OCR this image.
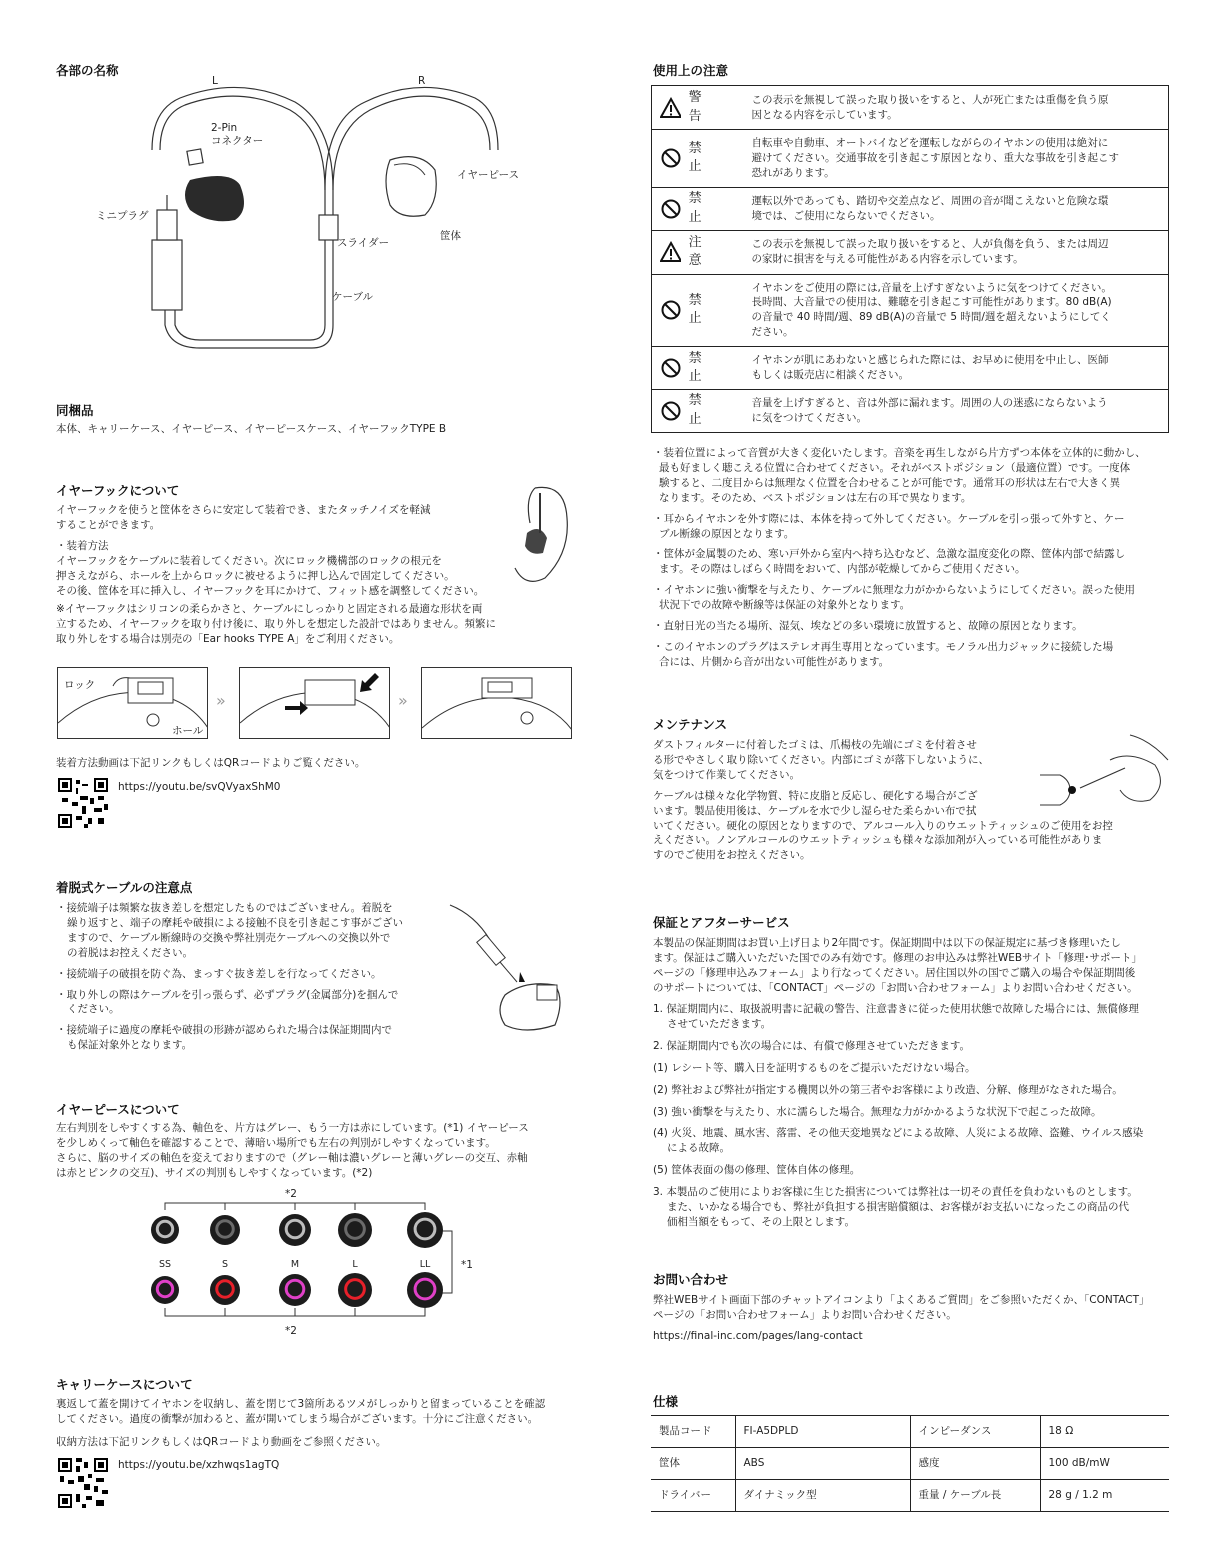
各部の名称
L	R
2-Pin
コネクター
イヤーピース
ミニプラグ
筐体
スライダー
ケーブル
同梱品
本体、キャリーケース、イヤーピース、イヤーピースケース、イヤーフックTYPE B
イヤーフックについて
イヤーフックを使うと筐体をさらに安定して装着でき、またタッチノイズを軽減
することができます。
・装着方法
イヤーフックをケーブルに装着してください。次にロック機構部のロックの根元を
押さえながら、ホールを上からロックに被せるように押し込んで固定してください。
その後、筐体を耳に挿入し、イヤーフックを耳にかけて、フィット感を調整してください。
※イヤーフックはシリコンの柔らかさと、ケーブルにしっかりと固定される最適な形状を両
立するため、イヤーフックを取り付け後に、取り外しを想定した設計ではありません。頻繁に
取り外しをする場合は別売の「Ear hooks TYPE A」をご利用ください。
ロック
ホール
»	»
装着方法動画は下記リンクもしくはQRコードよりご覧ください。
https://youtu.be/svQVyaxShM0
着脱式ケーブルの注意点
・接続端子は頻繁な抜き差しを想定したものではございません。着脱を
繰り返すと、端子の摩耗や破損による接触不良を引き起こす事がござい
ますので、ケーブル断線時の交換や弊社別売ケーブルへの交換以外で
の着脱はお控えください。
・接続端子の破損を防ぐ為、まっすぐ抜き差しを行なってください。
・取り外しの際はケーブルを引っ張らず、必ずプラグ(金属部分)を掴んで
ください。
・接続端子に過度の摩耗や破損の形跡が認められた場合は保証期間内で
も保証対象外となります。
イヤーピースについて
左右判別をしやすくする為、軸色を、片方はグレー、もう一方は赤にしています。(*1) イヤーピース
を少しめくって軸色を確認することで、薄暗い場所でも左右の判別がしやすくなっています。
さらに、脳のサイズの軸色を変えておりますので（グレー軸は濃いグレーと薄いグレーの交互、赤軸
は赤とピンクの交互)、サイズの判別もしやすくなっています。(*2)
*2
SS	S	M	L	LL	*1
*2
キャリーケースについて
裏返して蓋を開けてイヤホンを収納し、蓋を閉じて3箇所あるツメがしっかりと留まっていることを確認
してください。過度の衝撃が加わると、蓋が開いてしまう場合がございます。十分にご注意ください。
収納方法は下記リンクもしくはQRコードより動画をご参照ください。
https://youtu.be/xzhwqs1agTQ
使用上の注意
警告	この表示を無視して誤った取り扱いをすると、人が死亡または重傷を負う原
因となる内容を示しています。

禁止	自転車や自動車、オートバイなどを運転しながらのイヤホンの使用は絶対に
避けてください。交通事故を引き起こす原因となり、重大な事故を引き起こす
恐れがあります。

禁止	運転以外であっても、踏切や交差点など、周囲の音が聞こえないと危険な環
境では、ご使用にならないでください。

注意	この表示を無視して誤った取り扱いをすると、人が負傷を負う、または周辺
の家財に損害を与える可能性がある内容を示しています。

禁止	イヤホンをご使用の際には,音量を上げすぎないように気をつけてください。
長時間、大音量での使用は、難聴を引き起こす可能性があります。80 dB(A)
の音量で 40 時間/週、89 dB(A)の音量で 5 時間/週を超えないようにしてく
ださい。

禁止	イヤホンが肌にあわないと感じられた際には、お早めに使用を中止し、医師
もしくは販売店に相談ください。

禁止	音量を上げすぎると、音は外部に漏れます。周囲の人の迷惑にならないよう
に気をつけてください。
・装着位置によって音質が大きく変化いたします。音楽を再生しながら片方ずつ本体を立体的に動かし、
最も好ましく聴こえる位置に合わせてください。それがベストポジション（最適位置）です。一度体
験すると、二度目からは無理なく位置を合わせることが可能です。通常耳の形状は左右で大きく異
なります。そのため、ベストポジションは左右の耳で異なります。
・耳からイヤホンを外す際には、本体を持って外してください。ケーブルを引っ張って外すと、ケー
ブル断線の原因となります。
・筐体が金属製のため、寒い戸外から室内へ持ち込むなど、急激な温度変化の際、筐体内部で結露し
ます。その際はしばらく時間をおいて、内部が乾燥してからご使用ください。
・イヤホンに強い衝撃を与えたり、ケーブルに無理な力がかからないようにしてください。誤った使用
状況下での故障や断線等は保証の対象外となります。
・直射日光の当たる場所、湿気、埃などの多い環境に放置すると、故障の原因となります。
・このイヤホンのプラグはステレオ再生専用となっています。モノラル出力ジャックに接続した場
合には、片側から音が出ない可能性があります。
メンテナンス
ダストフィルターに付着したゴミは、爪楊枝の先端にゴミを付着させ
る形でやさしく取り除いてください。内部にゴミが落下しないように、
気をつけて作業してください。
ケーブルは様々な化学物質、特に皮脂と反応し、硬化する場合がござ
います。製品使用後は、ケーブルを水で少し湿らせた柔らかい布で拭
いてください。硬化の原因となりますので、アルコール入りのウエットティッシュのご使用をお控
えください。ノンアルコールのウエットティッシュも様々な添加剤が入っている可能性がありま
すのでご使用をお控えください。
保証とアフターサービス
本製品の保証期間はお買い上げ日より2年間です。保証期間中は以下の保証規定に基づき修理いたし
ます。保証はご購入いただいた国でのみ有効です。修理のお申込みは弊社WEBサイト「修理･サポート」
ページの「修理申込みフォーム」より行なってください。居住国以外の国でご購入の場合や保証期間後
のサポートについては、「CONTACT」ページの「お問い合わせフォーム」よりお問い合わせください。
1. 保証期間内に、取扱説明書に記載の警告、注意書きに従った使用状態で故障した場合には、無償修理
させていただきます。
2. 保証期間内でも次の場合には、有償で修理させていただきます。
(1) レシート等、購入日を証明するものをご提示いただけない場合。
(2) 弊社および弊社が指定する機関以外の第三者やお客様により改造、分解、修理がなされた場合。
(3) 強い衝撃を与えたり、水に濡らした場合。無理な力がかかるような状況下で起こった故障。
(4) 火災、地震、風水害、落雷、その他天変地異などによる故障、人災による故障、盗難、ウイルス感染
による故障。
(5) 筐体表面の傷の修理、筐体自体の修理。
3. 本製品のご使用によりお客様に生じた損害については弊社は一切その責任を負わないものとします。
また、いかなる場合でも、弊社が負担する損害賠償額は、お客様がお支払いになったこの商品の代
価相当額をもって、その上限とします。
お問い合わせ
弊社WEBサイト画面下部のチャットアイコンより「よくあるご質問」をご参照いただくか、「CONTACT」
ページの「お問い合わせフォーム」よりお問い合わせください。
https://final-inc.com/pages/lang-contact
仕様
製品コード	FI-A5DPLD	インピーダンス	18 Ω
筐体	ABS	感度	100 dB/mW
ドライバー	ダイナミック型	重量 / ケーブル長	28 g / 1.2 m
